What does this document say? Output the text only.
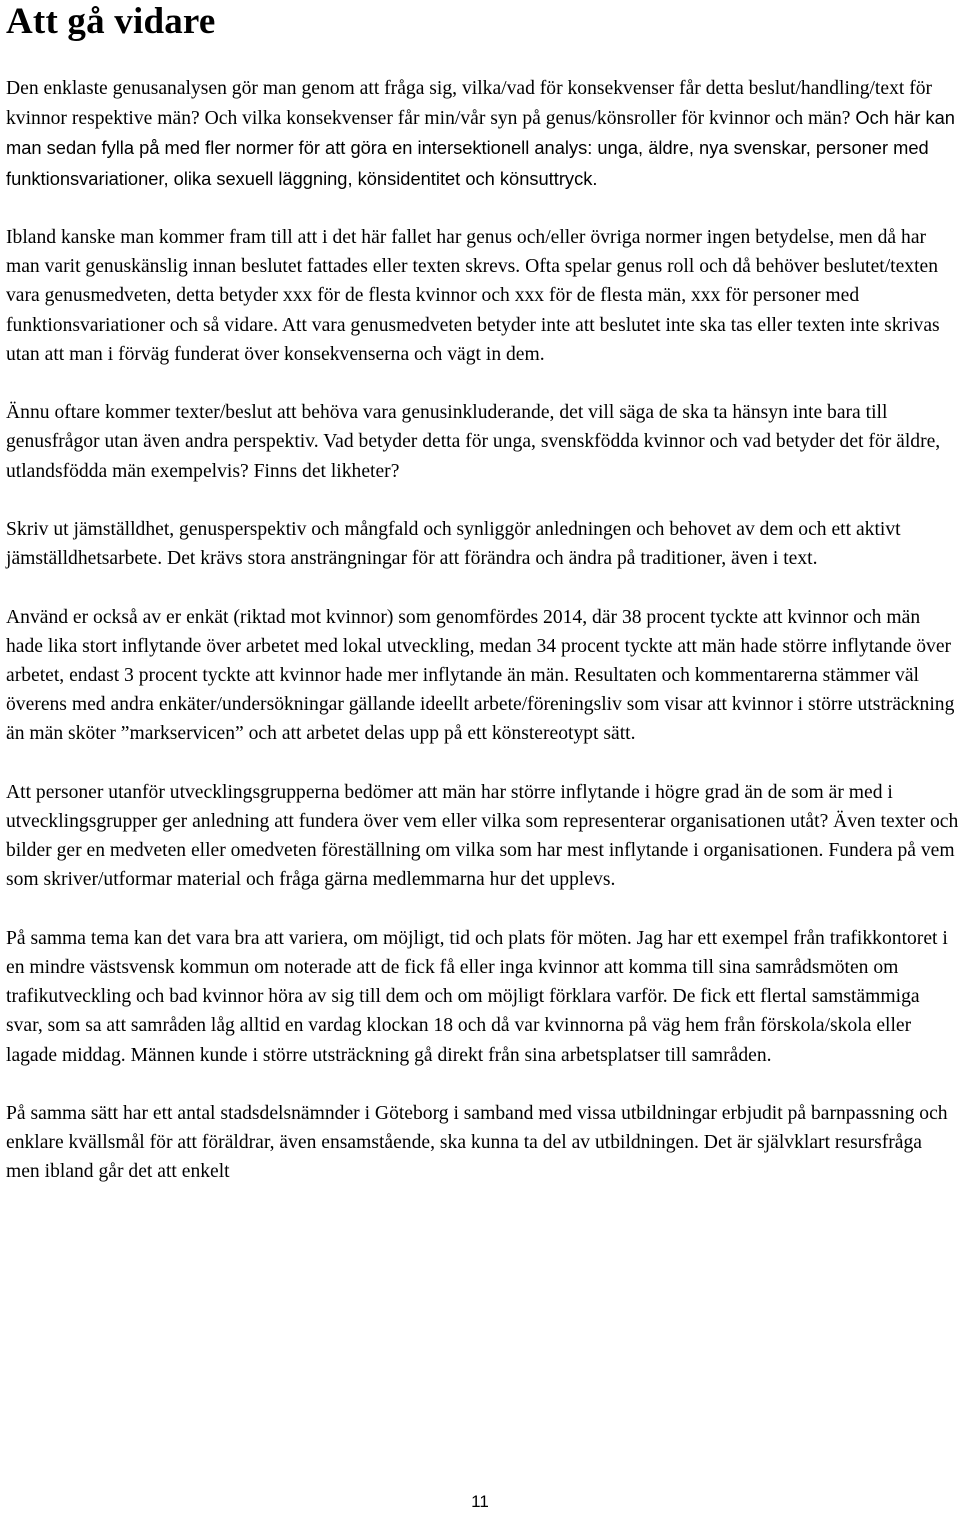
Att gå vidare

Den enklaste genusanalysen gör man genom att fråga sig, vilka/vad för konsekvenser får detta beslut/handling/text för kvinnor respektive män? Och vilka konsekvenser får min/vår syn på genus/könsroller för kvinnor och män? Och här kan man sedan fylla på med fler normer för att göra en intersektionell analys: unga, äldre, nya svenskar, personer med funktionsvariationer, olika sexuell läggning, könsidentitet och könsuttryck.

Ibland kanske man kommer fram till att i det här fallet har genus och/eller övriga normer ingen betydelse, men då har man varit genuskänslig innan beslutet fattades eller texten skrevs. Ofta spelar genus roll och då behöver beslutet/texten vara genusmedveten, detta betyder xxx för de flesta kvinnor och xxx för de flesta män, xxx för personer med funktionsvariationer och så vidare. Att vara genusmedveten betyder inte att beslutet inte ska tas eller texten inte skrivas utan att man i förväg funderat över konsekvenserna och vägt in dem.

Ännu oftare kommer texter/beslut att behöva vara genusinkluderande, det vill säga de ska ta hänsyn inte bara till genusfrågor utan även andra perspektiv. Vad betyder detta för unga, svenskfödda kvinnor och vad betyder det för äldre, utlandsfödda män exempelvis? Finns det likheter?

Skriv ut jämställdhet, genusperspektiv och mångfald och synliggör anledningen och behovet av dem och ett aktivt jämställdhetsarbete. Det krävs stora ansträngningar för att förändra och ändra på traditioner, även i text.

Använd er också av er enkät (riktad mot kvinnor) som genomfördes 2014, där 38 procent tyckte att kvinnor och män hade lika stort inflytande över arbetet med lokal utveckling, medan 34 procent tyckte att män hade större inflytande över arbetet, endast 3 procent tyckte att kvinnor hade mer inflytande än män. Resultaten och kommentarerna stämmer väl överens med andra enkäter/undersökningar gällande ideellt arbete/föreningsliv som visar att kvinnor i större utsträckning än män sköter ”markservicen” och att arbetet delas upp på ett könstereotypt sätt.

Att personer utanför utvecklingsgrupperna bedömer att män har större inflytande i högre grad än de som är med i utvecklingsgrupper ger anledning att fundera över vem eller vilka som representerar organisationen utåt? Även texter och bilder ger en medveten eller omedveten föreställning om vilka som har mest inflytande i organisationen. Fundera på vem som skriver/utformar material och fråga gärna medlemmarna hur det upplevs.

På samma tema kan det vara bra att variera, om möjligt, tid och plats för möten. Jag har ett exempel från trafikkontoret i en mindre västsvensk kommun om noterade att de fick få eller inga kvinnor att komma till sina samrådsmöten om trafikutveckling och bad kvinnor höra av sig till dem och om möjligt förklara varför. De fick ett flertal samstämmiga svar, som sa att samråden låg alltid en vardag klockan 18 och då var kvinnorna på väg hem från förskola/skola eller lagade middag. Männen kunde i större utsträckning gå direkt från sina arbetsplatser till samråden.

På samma sätt har ett antal stadsdelsnämnder i Göteborg i samband med vissa utbildningar erbjudit på barnpassning och enklare kvällsmål för att föräldrar, även ensamstående, ska kunna ta del av utbildningen. Det är självklart resursfråga men ibland går det att enkelt

11
